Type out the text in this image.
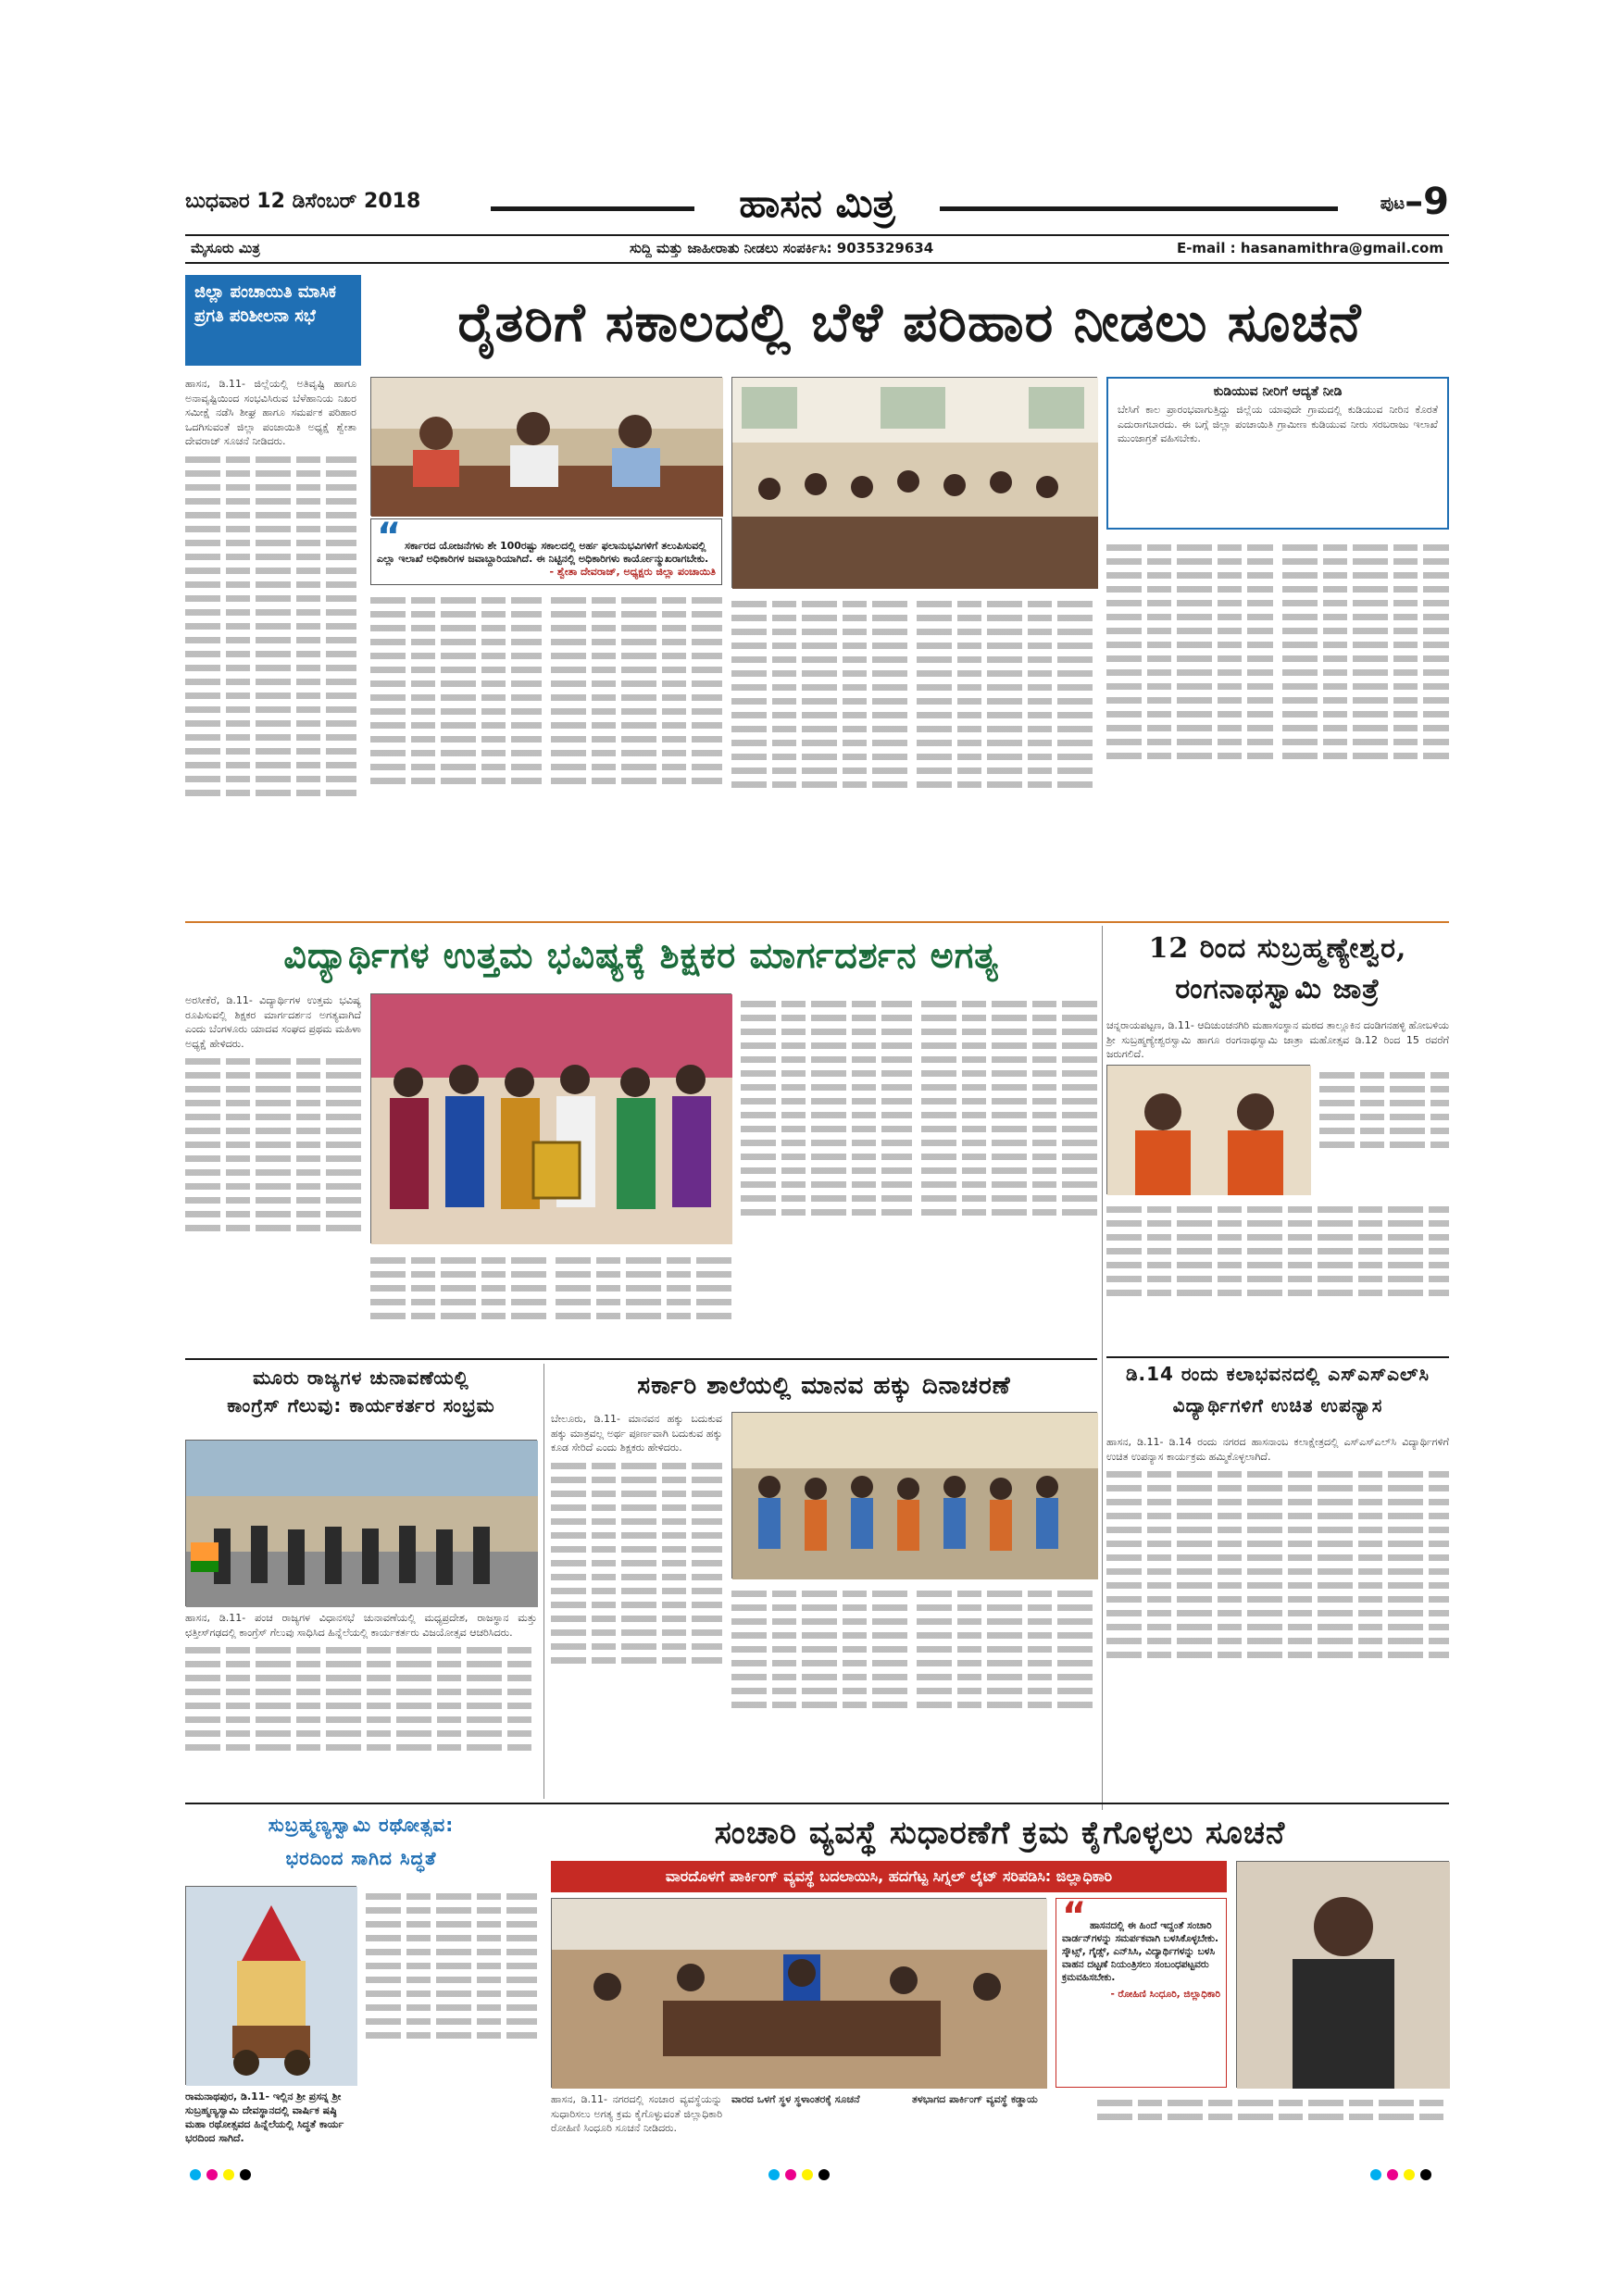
ಬುಧವಾರ 12 ಡಿಸೆಂಬರ್ 2018	ಹಾಸನ ಮಿತ್ರ	ಪುಟ–9
ಮೈಸೂರು ಮಿತ್ರ	ಸುದ್ದಿ ಮತ್ತು ಜಾಹೀರಾತು ನೀಡಲು ಸಂಪರ್ಕಿಸಿ: 9035329634	E-mail : hasanamithra@gmail.com
ಜಿಲ್ಲಾ ಪಂಚಾಯಿತಿ ಮಾಸಿಕ ಪ್ರಗತಿ ಪರಿಶೀಲನಾ ಸಭೆ	ರೈತರಿಗೆ ಸಕಾಲದಲ್ಲಿ ಬೆಳೆ ಪರಿಹಾರ ನೀಡಲು ಸೂಚನೆ
ಹಾಸನ, ಡಿ.11- ಜಿಲ್ಲೆಯಲ್ಲಿ ಅತಿವೃಷ್ಟಿ ಹಾಗೂ ಅನಾವೃಷ್ಟಿಯಿಂದ ಸಂಭವಿಸಿರುವ ಬೆಳೆಹಾನಿಯ ನಿಖರ ಸಮೀಕ್ಷೆ ನಡೆಸಿ ಶೀಘ್ರ ಹಾಗೂ ಸಮರ್ಪಕ ಪರಿಹಾರ ಒದಗಿಸುವಂತೆ ಜಿಲ್ಲಾ ಪಂಚಾಯಿತಿ ಅಧ್ಯಕ್ಷೆ ಶ್ವೇತಾ ದೇವರಾಜ್ ಸೂಚನೆ ನೀಡಿದರು.
“ ಸರ್ಕಾರದ ಯೋಜನೆಗಳು ಶೇ 100ರಷ್ಟು ಸಕಾಲದಲ್ಲಿ ಅರ್ಹ ಫಲಾನುಭವಿಗಳಿಗೆ ತಲುಪಿಸುವಲ್ಲಿ ಎಲ್ಲಾ ಇಲಾಖೆ ಅಧಿಕಾರಿಗಳ ಜವಾಬ್ದಾರಿಯಾಗಿದೆ. ಈ ನಿಟ್ಟಿನಲ್ಲಿ ಅಧಿಕಾರಿಗಳು ಕಾರ್ಯೋನ್ಮುಖರಾಗಬೇಕು.
- ಶ್ವೇತಾ ದೇವರಾಜ್, ಅಧ್ಯಕ್ಷರು ಜಿಲ್ಲಾ ಪಂಚಾಯಿತಿ
ಕುಡಿಯುವ ನೀರಿಗೆ ಆದ್ಯತೆ ನೀಡಿ
ಬೇಸಿಗೆ ಕಾಲ ಪ್ರಾರಂಭವಾಗುತ್ತಿದ್ದು ಜಿಲ್ಲೆಯ ಯಾವುದೇ ಗ್ರಾಮದಲ್ಲಿ ಕುಡಿಯುವ ನೀರಿನ ಕೊರತೆ ಎದುರಾಗಬಾರದು. ಈ ಬಗ್ಗೆ ಜಿಲ್ಲಾ ಪಂಚಾಯಿತಿ ಗ್ರಾಮೀಣ ಕುಡಿಯುವ ನೀರು ಸರಬರಾಜು ಇಲಾಖೆ ಮುಂಜಾಗ್ರತೆ ವಹಿಸಬೇಕು.
ವಿದ್ಯಾರ್ಥಿಗಳ ಉತ್ತಮ ಭವಿಷ್ಯಕ್ಕೆ ಶಿಕ್ಷಕರ ಮಾರ್ಗದರ್ಶನ ಅಗತ್ಯ
ಅರಸೀಕೆರೆ, ಡಿ.11- ವಿದ್ಯಾರ್ಥಿಗಳ ಉತ್ತಮ ಭವಿಷ್ಯ ರೂಪಿಸುವಲ್ಲಿ ಶಿಕ್ಷಕರ ಮಾರ್ಗದರ್ಶನ ಅಗತ್ಯವಾಗಿದೆ ಎಂದು ಬೆಂಗಳೂರು ಯಾದವ ಸಂಘದ ಪ್ರಥಮ ಮಹಿಳಾ ಅಧ್ಯಕ್ಷೆ ಹೇಳಿದರು.
12 ರಿಂದ ಸುಬ್ರಹ್ಮಣ್ಯೇಶ್ವರ,
ರಂಗನಾಥಸ್ವಾಮಿ ಜಾತ್ರೆ
ಚನ್ನರಾಯಪಟ್ಟಣ, ಡಿ.11- ಆದಿಚುಂಚನಗಿರಿ ಮಹಾಸಂಸ್ಥಾನ ಮಠದ ತಾಲ್ಲೂಕಿನ ದಂಡಿಗನಹಳ್ಳಿ ಹೋಬಳಿಯ ಶ್ರೀ ಸುಬ್ರಹ್ಮಣ್ಯೇಶ್ವರಸ್ವಾಮಿ ಹಾಗೂ ರಂಗನಾಥಸ್ವಾಮಿ ಜಾತ್ರಾ ಮಹೋತ್ಸವ ಡಿ.12 ರಿಂದ 15 ರವರೆಗೆ ಜರುಗಲಿದೆ.
ಮೂರು ರಾಜ್ಯಗಳ ಚುನಾವಣೆಯಲ್ಲಿ
ಕಾಂಗ್ರೆಸ್ ಗೆಲುವು: ಕಾರ್ಯಕರ್ತರ ಸಂಭ್ರಮ
ಹಾಸನ, ಡಿ.11- ಪಂಚ ರಾಜ್ಯಗಳ ವಿಧಾನಸಭೆ ಚುನಾವಣೆಯಲ್ಲಿ ಮಧ್ಯಪ್ರದೇಶ, ರಾಜಸ್ಥಾನ ಮತ್ತು ಛತ್ತೀಸ್‌ಗಢದಲ್ಲಿ ಕಾಂಗ್ರೆಸ್ ಗೆಲುವು ಸಾಧಿಸಿದ ಹಿನ್ನೆಲೆಯಲ್ಲಿ ಕಾರ್ಯಕರ್ತರು ವಿಜಯೋತ್ಸವ ಆಚರಿಸಿದರು.
ಸರ್ಕಾರಿ ಶಾಲೆಯಲ್ಲಿ ಮಾನವ ಹಕ್ಕು ದಿನಾಚರಣೆ
ಬೇಲೂರು, ಡಿ.11- ಮಾನವನ ಹಕ್ಕು ಬದುಕುವ ಹಕ್ಕು ಮಾತ್ರವಲ್ಲ ಅರ್ಥ ಪೂರ್ಣವಾಗಿ ಬದುಕುವ ಹಕ್ಕು ಕೂಡ ಸೇರಿದೆ ಎಂದು ಶಿಕ್ಷಕರು ಹೇಳಿದರು.
ಡಿ.14 ರಂದು ಕಲಾಭವನದಲ್ಲಿ ಎಸ್‌ಎಸ್‌ಎಲ್‌ಸಿ
ವಿದ್ಯಾರ್ಥಿಗಳಿಗೆ ಉಚಿತ ಉಪನ್ಯಾಸ
ಹಾಸನ, ಡಿ.11- ಡಿ.14 ರಂದು ನಗರದ ಹಾಸನಾಂಬ ಕಲಾಕ್ಷೇತ್ರದಲ್ಲಿ ಎಸ್‌ಎಸ್‌ಎಲ್‌ಸಿ ವಿದ್ಯಾರ್ಥಿಗಳಿಗೆ ಉಚಿತ ಉಪನ್ಯಾಸ ಕಾರ್ಯಕ್ರಮ ಹಮ್ಮಿಕೊಳ್ಳಲಾಗಿದೆ.
ಸುಬ್ರಹ್ಮಣ್ಯಸ್ವಾಮಿ ರಥೋತ್ಸವ:
ಭರದಿಂದ ಸಾಗಿದ ಸಿದ್ಧತೆ
ರಾಮನಾಥಪುರ, ಡಿ.11- ಇಲ್ಲಿನ ಶ್ರೀ ಪ್ರಸನ್ನ ಶ್ರೀ ಸುಬ್ರಹ್ಮಣ್ಯಸ್ವಾಮಿ ದೇವಸ್ಥಾನದಲ್ಲಿ ವಾರ್ಷಿಕ ಷಷ್ಠಿ ಮಹಾ ರಥೋತ್ಸವದ ಹಿನ್ನೆಲೆಯಲ್ಲಿ ಸಿದ್ಧತೆ ಕಾರ್ಯ ಭರದಿಂದ ಸಾಗಿದೆ.
ಸಂಚಾರಿ ವ್ಯವಸ್ಥೆ ಸುಧಾರಣೆಗೆ ಕ್ರಮ ಕೈಗೊಳ್ಳಲು ಸೂಚನೆ
ವಾರದೊಳಗೆ ಪಾರ್ಕಿಂಗ್ ವ್ಯವಸ್ಥೆ ಬದಲಾಯಿಸಿ, ಹದಗೆಟ್ಟ ಸಿಗ್ನಲ್ ಲೈಟ್ ಸರಿಪಡಿಸಿ: ಜಿಲ್ಲಾಧಿಕಾರಿ
“ ಹಾಸನದಲ್ಲಿ ಈ ಹಿಂದೆ ಇದ್ದಂತೆ ಸಂಚಾರಿ ವಾರ್ಡನ್‌ಗಳನ್ನು ಸಮರ್ಪಕವಾಗಿ ಬಳಸಿಕೊಳ್ಳಬೇಕು. ಸ್ಕೌಟ್ಸ್, ಗೈಡ್ಸ್, ಎನ್‌ಸಿಸಿ, ವಿದ್ಯಾರ್ಥಿಗಳನ್ನು ಬಳಸಿ ವಾಹನ ದಟ್ಟಣೆ ನಿಯಂತ್ರಿಸಲು ಸಂಬಂಧಪಟ್ಟವರು ಕ್ರಮವಹಿಸಬೇಕು.
- ರೋಹಿಣಿ ಸಿಂಧೂರಿ, ಜಿಲ್ಲಾಧಿಕಾರಿ
ಹಾಸನ, ಡಿ.11- ನಗರದಲ್ಲಿ ಸಂಚಾರ ವ್ಯವಸ್ಥೆಯನ್ನು ಸುಧಾರಿಸಲು ಅಗತ್ಯ ಕ್ರಮ ಕೈಗೊಳ್ಳುವಂತೆ ಜಿಲ್ಲಾಧಿಕಾರಿ ರೋಹಿಣಿ ಸಿಂಧೂರಿ ಸೂಚನೆ ನೀಡಿದರು.
ವಾರದ ಒಳಗೆ ಸ್ಥಳ ಸ್ಥಳಾಂತರಕ್ಕೆ ಸೂಚನೆ	ತಳಭಾಗದ ಪಾರ್ಕಿಂಗ್ ವ್ಯವಸ್ಥೆ ಕಡ್ಡಾಯ
